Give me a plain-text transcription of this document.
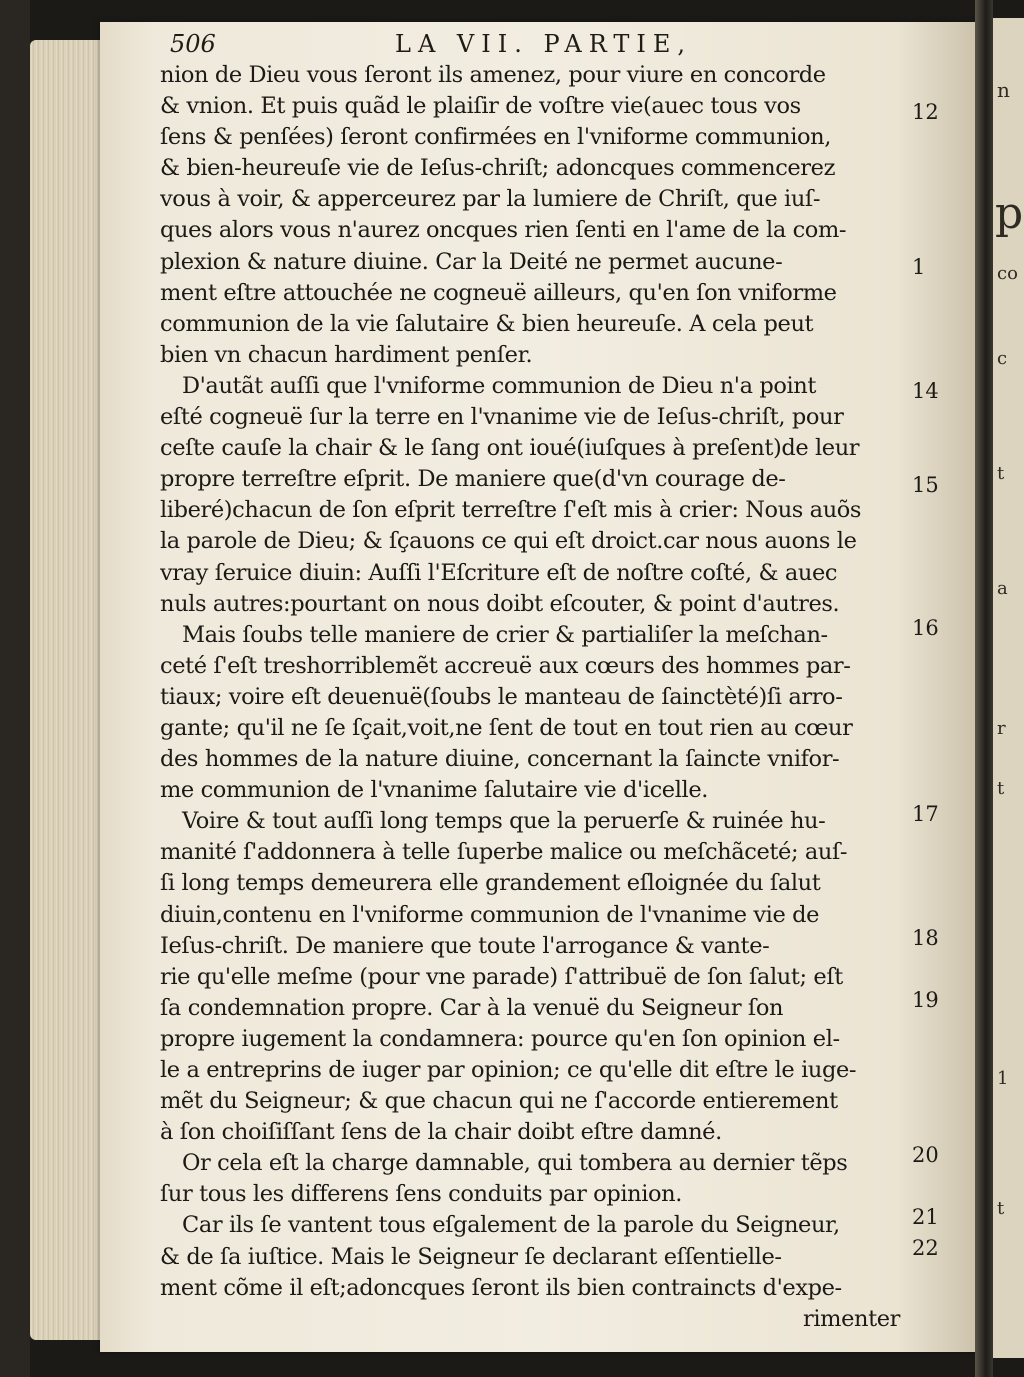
n
p
co
c
t
a
r
t
1
t
506	LA VII. PARTIE,
nion de Dieu vous ſeront ils amenez, pour viure en concorde
& vnion. Et puis quãd le plaiſir de voſtre vie(auec tous vos
ſens & penſées) ſeront confirmées en l'vniforme communion,
& bien-heureuſe vie de Ieſus-chriſt; adoncques commencerez
vous à voir, & apperceurez par la lumiere de Chriſt, que iuſ-
ques alors vous n'aurez oncques rien ſenti en l'ame de la com-
plexion & nature diuine. Car la Deité ne permet aucune-
ment eſtre attouchée ne cogneuë ailleurs, qu'en ſon vniforme
communion de la vie ſalutaire & bien heureuſe. A cela peut
bien vn chacun hardiment penſer.
D'autãt auſſi que l'vniforme communion de Dieu n'a point
eſté cogneuë ſur la terre en l'vnanime vie de Ieſus-chriſt, pour
ceſte cauſe la chair & le ſang ont ioué(iuſques à preſent)de leur
propre terreſtre eſprit. De maniere que(d'vn courage de-
liberé)chacun de ſon eſprit terreſtre ſ'eſt mis à crier: Nous auõs
la parole de Dieu; & ſçauons ce qui eſt droict.car nous auons le
vray ſeruice diuin: Auſſi l'Eſcriture eſt de noſtre coſté, & auec
nuls autres:pourtant on nous doibt eſcouter, & point d'autres.
Mais ſoubs telle maniere de crier & partialiſer la meſchan-
ceté ſ'eſt treshorriblemẽt accreuë aux cœurs des hommes par-
tiaux; voire eſt deuenuë(ſoubs le manteau de ſainctèté)ſi arro-
gante; qu'il ne ſe ſçait,voit,ne ſent de tout en tout rien au cœur
des hommes de la nature diuine, concernant la ſaincte vnifor-
me communion de l'vnanime ſalutaire vie d'icelle.
Voire & tout auſſi long temps que la peruerſe & ruinée hu-
manité ſ'addonnera à telle ſuperbe malice ou meſchãceté; auſ-
ſi long temps demeurera elle grandement eſloignée du ſalut
diuin,contenu en l'vniforme communion de l'vnanime vie de
Ieſus-chriſt. De maniere que toute l'arrogance & vante-
rie qu'elle meſme (pour vne parade) ſ'attribuë de ſon ſalut; eſt
ſa condemnation propre. Car à la venuë du Seigneur ſon
propre iugement la condamnera: pource qu'en ſon opinion el-
le a entreprins de iuger par opinion; ce qu'elle dit eſtre le iuge-
mẽt du Seigneur; & que chacun qui ne ſ'accorde entierement
à ſon choiſiſſant ſens de la chair doibt eſtre damné.
Or cela eſt la charge damnable, qui tombera au dernier tẽps
ſur tous les differens ſens conduits par opinion.
Car ils ſe vantent tous eſgalement de la parole du Seigneur,
& de ſa iuſtice. Mais le Seigneur ſe declarant eſſentielle-
ment cõme il eſt;adoncques ſeront ils bien contraincts d'expe-
rimenter
12
1
14
15
16
17
18
19
20
21
22
